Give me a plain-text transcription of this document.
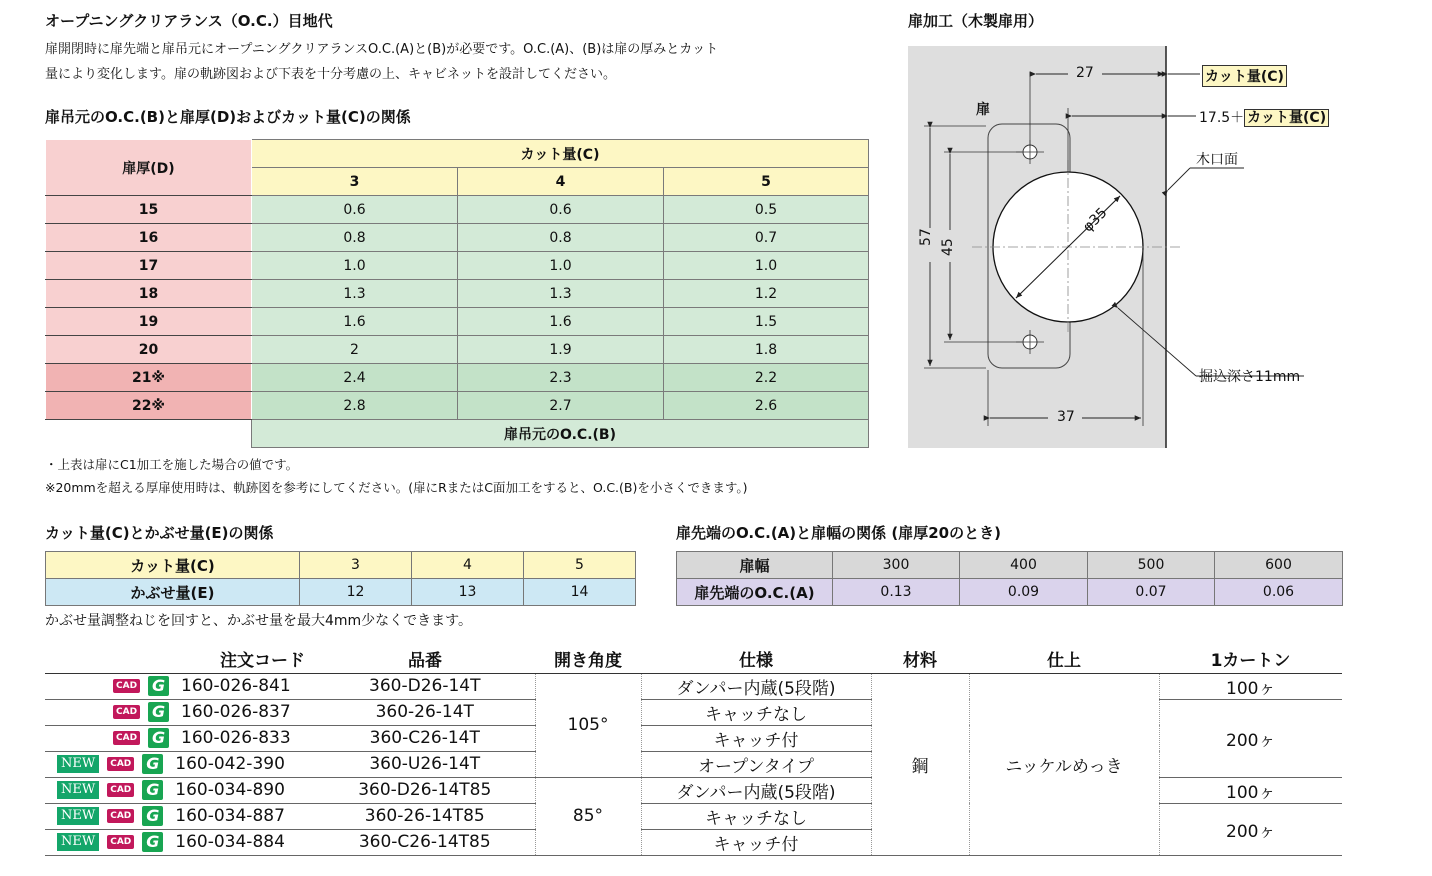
オープニングクリアランス（O.C.）目地代
扉開閉時に扉先端と扉吊元にオープニングクリアランスO.C.(A)と(B)が必要です。O.C.(A)、(B)は扉の厚みとカット
量により変化します。扉の軌跡図および下表を十分考慮の上、キャビネットを設計してください。
扉吊元のO.C.(B)と扉厚(D)およびカット量(C)の関係
扉厚(D)	カット量(C)		
	3	4	5
15	0.6	0.6	0.5
16	0.8	0.8	0.7
17	1.0	1.0	1.0
18	1.3	1.3	1.2
19	1.6	1.6	1.5
20	2	1.9	1.8
21※	2.4	2.3	2.2
22※	2.8	2.7	2.6
	扉吊元のO.C.(B)		
・上表は扉にC1加工を施した場合の値です。
※20mmを超える厚扉使用時は、軌跡図を参考にしてください。(扉にRまたはC面加工をすると、O.C.(B)を小さくできます。)
カット量(C)とかぶせ量(E)の関係
カット量(C)	3	4	5
かぶせ量(E)	12	13	14
かぶせ量調整ねじを回すと、かぶせ量を最大4mm少なくできます。
扉先端のO.C.(A)と扉幅の関係 (扉厚20のとき)
扉幅	300	400	500	600
扉先端のO.C.(A)	0.13	0.09	0.07	0.06
扉加工（木製扉用）
扉
27	カット量(C)
17.5＋ カット量(C)
木口面
57
45
φ35
掘込深さ11mm
37
注文コード	品番	開き角度	仕様	材料	仕上	1カートン
CAD G 160-026-841	360-D26-14T	105°	ダンパー内蔵(5段階)	鋼	ニッケルめっき	100ヶ
CAD G 160-026-837	360-26-14T		キャッチなし			200ヶ
CAD G 160-026-833	360-C26-14T		キャッチ付			
NEW CAD G 160-042-390	360-U26-14T		オープンタイプ			
NEW CAD G 160-034-890	360-D26-14T85	85°	ダンパー内蔵(5段階)			100ヶ
NEW CAD G 160-034-887	360-26-14T85		キャッチなし			200ヶ
NEW CAD G 160-034-884	360-C26-14T85		キャッチ付			
